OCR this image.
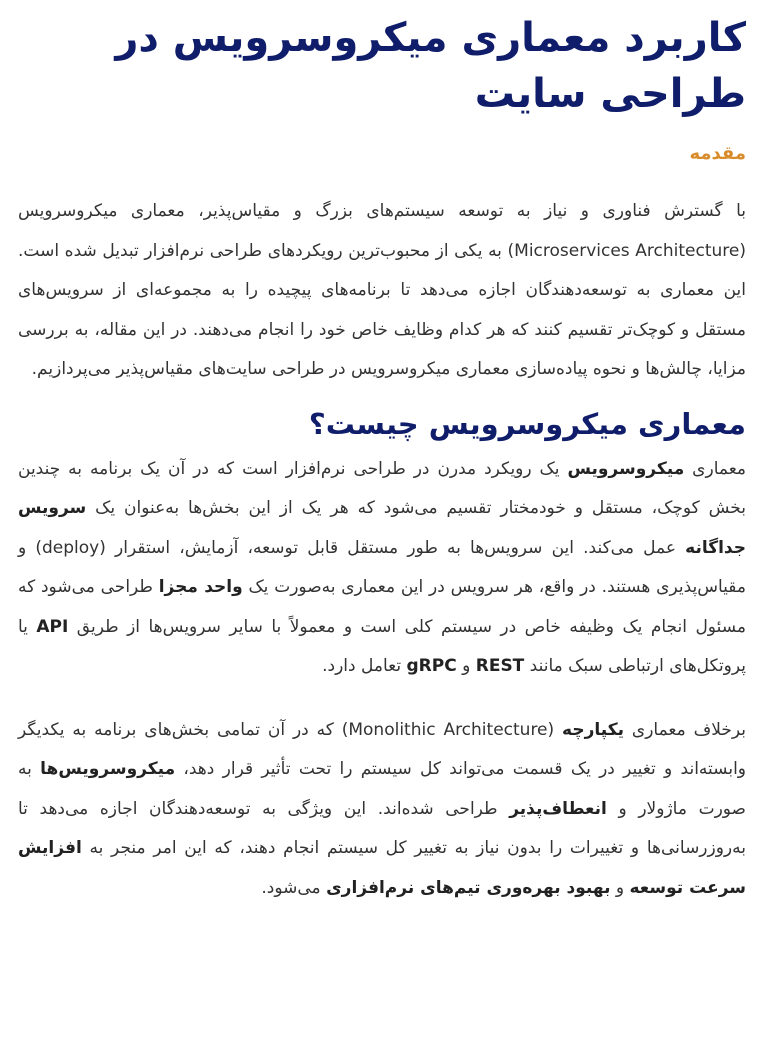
کاربرد معماری میکروسرویس در طراحی سایت
مقدمه

با گسترش فناوری و نیاز به توسعه سیستم‌های بزرگ و مقیاس‌پذیر، معماری میکروسرویس (Microservices Architecture) به یکی از محبوب‌ترین رویکردهای طراحی نرم‌افزار تبدیل شده است. این معماری به توسعه‌دهندگان اجازه می‌دهد تا برنامه‌های پیچیده را به مجموعه‌ای از سرویس‌های مستقل و کوچک‌تر تقسیم کنند که هر کدام وظایف خاص خود را انجام می‌دهند. در این مقاله، به بررسی مزایا، چالش‌ها و نحوه پیاده‌سازی معماری میکروسرویس در طراحی سایت‌های مقیاس‌پذیر می‌پردازیم.

معماری میکروسرویس چیست؟

معماری میکروسرویس یک رویکرد مدرن در طراحی نرم‌افزار است که در آن یک برنامه به چندین بخش کوچک، مستقل و خودمختار تقسیم می‌شود که هر یک از این بخش‌ها به‌عنوان یک سرویس جداگانه عمل می‌کند. این سرویس‌ها به طور مستقل قابل توسعه، آزمایش، استقرار (deploy) و مقیاس‌پذیری هستند. در واقع، هر سرویس در این معماری به‌صورت یک واحد مجزا طراحی می‌شود که مسئول انجام یک وظیفه خاص در سیستم کلی است و معمولاً با سایر سرویس‌ها از طریق API یا پروتکل‌های ارتباطی سبک مانند REST و gRPC تعامل دارد.

برخلاف معماری یکپارچه (Monolithic Architecture) که در آن تمامی بخش‌های برنامه به یکدیگر وابسته‌اند و تغییر در یک قسمت می‌تواند کل سیستم را تحت تأثیر قرار دهد، میکروسرویس‌ها به صورت ماژولار و انعطاف‌پذیر طراحی شده‌اند. این ویژگی به توسعه‌دهندگان اجازه می‌دهد تا به‌روزرسانی‌ها و تغییرات را بدون نیاز به تغییر کل سیستم انجام دهند، که این امر منجر به افزایش سرعت توسعه و بهبود بهره‌وری تیم‌های نرم‌افزاری می‌شود.
